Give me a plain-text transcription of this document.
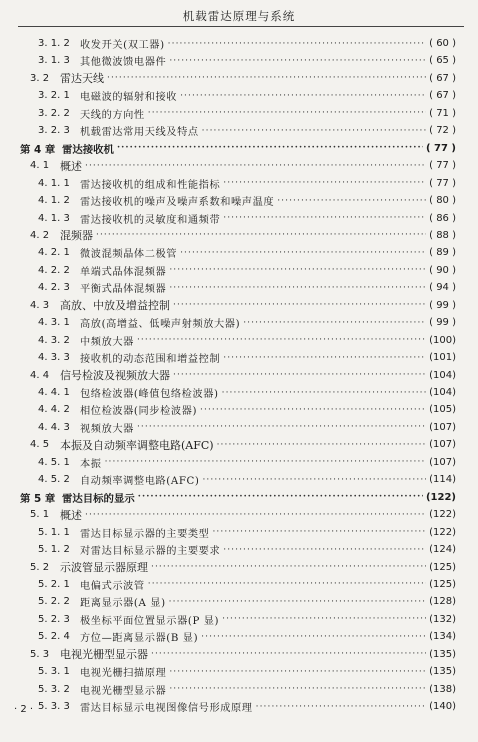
机载雷达原理与系统
3. 1. 2 收发开关(双工器) ·····	( 60 )
3. 1. 3 其他微波馈电器件 ·····	( 65 )
3. 2 雷达天线 ·····	( 67 )
3. 2. 1 电磁波的辐射和接收 ·····	( 67 )
3. 2. 2 天线的方向性 ·····	( 71 )
3. 2. 3 机载雷达常用天线及特点 ·····	( 72 )
第 4 章 雷达接收机 ·····	( 77 )
4. 1 概述 ·····	( 77 )
4. 1. 1 雷达接收机的组成和性能指标 ·····	( 77 )
4. 1. 2 雷达接收机的噪声及噪声系数和噪声温度 ·····	( 80 )
4. 1. 3 雷达接收机的灵敏度和通频带 ·····	( 86 )
4. 2 混频器 ·····	( 88 )
4. 2. 1 微波混频晶体二极管 ·····	( 89 )
4. 2. 2 单端式晶体混频器 ·····	( 90 )
4. 2. 3 平衡式晶体混频器 ·····	( 94 )
4. 3 高放、中放及增益控制 ·····	( 99 )
4. 3. 1 高放(高增益、低噪声射频放大器) ·····	( 99 )
4. 3. 2 中频放大器 ·····	(100)
4. 3. 3 接收机的动态范围和增益控制 ·····	(101)
4. 4 信号检波及视频放大器 ·····	(104)
4. 4. 1 包络检波器(峰值包络检波器) ·····	(104)
4. 4. 2 相位检波器(同步检波器) ·····	(105)
4. 4. 3 视频放大器 ·····	(107)
4. 5 本振及自动频率调整电路(AFC) ·····	(107)
4. 5. 1 本振 ·····	(107)
4. 5. 2 自动频率调整电路(AFC) ·····	(114)
第 5 章 雷达目标的显示 ·····	(122)
5. 1 概述 ·····	(122)
5. 1. 1 雷达目标显示器的主要类型 ·····	(122)
5. 1. 2 对雷达目标显示器的主要要求 ·····	(124)
5. 2 示波管显示器原理 ·····	(125)
5. 2. 1 电偏式示波管 ·····	(125)
5. 2. 2 距离显示器(A 显) ·····	(128)
5. 2. 3 极坐标平面位置显示器(P 显) ·····	(132)
5. 2. 4 方位—距离显示器(B 显) ·····	(134)
5. 3 电视光栅型显示器 ·····	(135)
5. 3. 1 电视光栅扫描原理 ·····	(135)
5. 3. 2 电视光栅型显示器 ·····	(138)
5. 3. 3 雷达目标显示电视图像信号形成原理 ·····	(140)
· 2 ·
